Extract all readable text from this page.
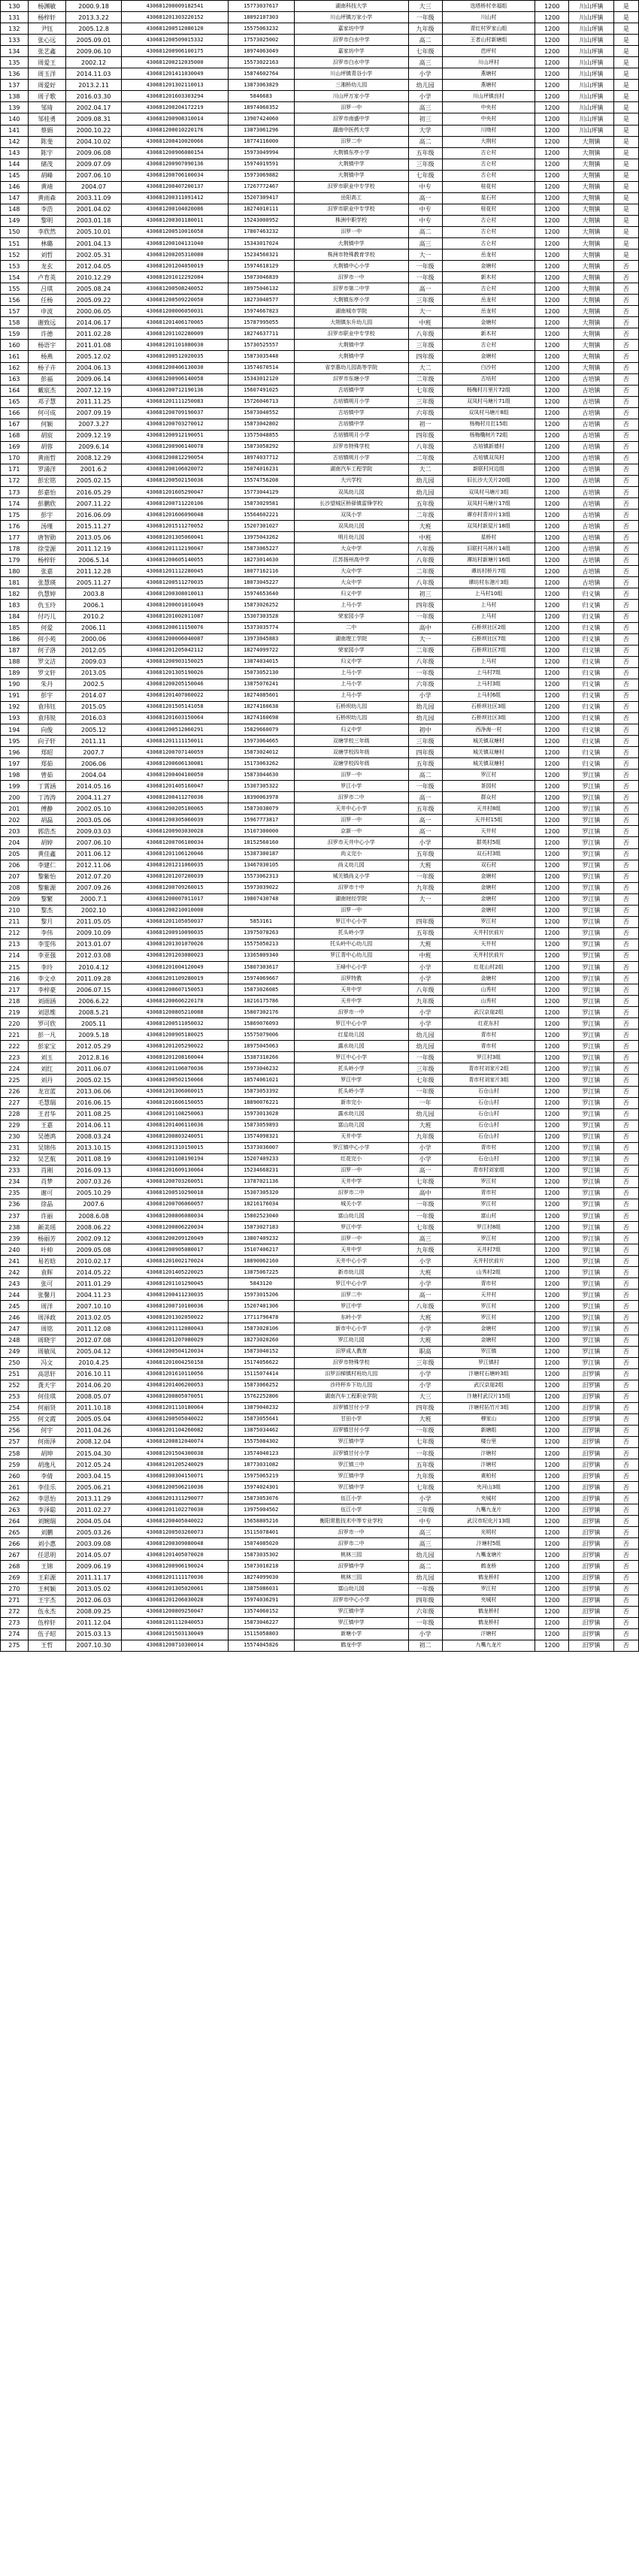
130	杨渊敏	2000.9.18	430681200009182541	15773037617	湖南科技大学	大三	迭塔桥村幸福组	1200	川山坪镇	是
131	杨梓轩	2013.3.22	430681201303220152	18092107303	川山坪镇万家小学	一年级	川山村	1200	川山坪镇	是
132	尹钰	2005.12.8	430681200512080120	15575063232	嘉家坊中学	九年级	青红村罗家山组	1200	川山坪镇	是
133	张心远	2005.09.01	430681200509015332	17573025002	汨罗市白水中学	高二	王者山村新塘组	1200	川山坪镇	是
134	张艺鑫	2009.06.10	430681200906100175	18974063049	嘉家坊中学	七年级	芭坪村	1200	川山坪镇	是
135	周爱王	2002.12	430681200212035000	15573022163	汨罗市白水中学	高三	川山坪村	1200	川山坪镇	是
136	周玉洋	2014.11.03	430681201411030049	15874602764	川山坪镇青谷小学	小学	燕塘村	1200	川山坪镇	是
137	周爱好	2013.2.11	430681201302110013	13873063829	三湘桥幼儿园	幼儿园	燕塘村	1200	川山坪镇	是
138	周子歌	2016.03.30	430681201603303294	5846683	川山坪万家小学	小学	川山坪镇良村	1200	川山坪镇	是
139	邹琦	2002.04.17	430681200204172219	18974060352	汨罗一中	高三	中央村	1200	川山坪镇	是
140	邹桂勇	2009.08.31	430681200908310014	13907424060	汨罗市南盛中学	初三	中央村	1200	川山坪镇	是
141	蔡娟	2000.10.22	430681200010220176	13873061296	湖南中医药大学	大学	川坳村	1200	川山坪镇	是
142	陈斐	2004.10.02	430681200410020066	18774116000	汨罗二中	高二	大荆村	1200	大荆镇	是
143	陈宇	2009.06.08	430681200906080154	15973049994	大荆镇东亭小学	五年级	古仑村	1200	大荆镇	是
144	储茂	2009.07.09	430681200907090136	15974019591	大荆镇中学	三年级	古仑村	1200	大荆镇	是
145	胡峰	2007.06.10	430681200706100034	15973069882	大荆镇中学	七年级	古仑村	1200	大荆镇	是
146	黄靖	2004.07	430681200407200137	17267772467	汨罗市职业中专学校	中专	桂花村	1200	大荆镇	是
147	黄雨森	2003.11.09	430681200311091412	15207309417	岳阳高工	高一	星石村	1200	大荆镇	是
148	李浩	2001.04.02	430681200104020086	18274010111	汨罗市职业中专学校	中专	桂花村	1200	大荆镇	是
149	黎明	2003.01.18	430681200301180011	15243000952	株洲中职学校	中专	古仑村	1200	大荆镇	是
150	李欣然	2005.10.01	430681200510016058	17807463232	汨罗一中	高二	古仑村	1200	大荆镇	是
151	林璐	2001.04.13	430681200104131040	15343017024	大荆镇中学	高三	古仑村	1200	大荆镇	是
152	刘哲	2002.05.31	430681200205310080	15234560321	株洲市特殊教育学校	大一	岳龙村	1200	大荆镇	是
153	龙玄	2012.04.05	430681201204050019	15974618129	大荆镇中心小学	一年级	金塘村	1200	大荆镇	否
154	卢育英	2010.12.29	430681201012292084	15073046839	汨罗市一中	一年级	新木村	1200	大荆镇	否
155	吕琪	2005.08.24	430681200508240052	18975046132	汨罗市第二中学	高一	古仑村	1200	大荆镇	否
156	任杨	2005.09.22	430681200509220050	18273040577	大荆镇东亭小学	三年级	岳龙村	1200	大荆镇	否
157	申波	2000.06.05	430681200006050031	15974667823	湖南城市学院	大一	岳龙村	1200	大荆镇	否
158	谢致远	2014.06.17	430681201406170065	15787995055	大荆镇东升幼儿园	中班	金塘村	1200	大荆镇	否
159	许德	2011.02.28	430681201102280009	18274637711	汨罗市职业中专学校	八年级	新木村	1200	大荆镇	否
160	杨语宇	2011.01.08	430681201101080030	15730525557	大荆镇中学	三年级	古仑村	1200	大荆镇	否
161	杨燕	2005.12.02	430681200512020035	15873035448	大荆镇中学	四年级	金塘村	1200	大荆镇	否
162	杨子卉	2004.06.13	430681200406130030	13574670514	省享惠幼儿园高等学院	大二	白沙村	1200	大荆镇	否
163	彭福	2009.06.14	430681200906140058	15343012120	汨罗市东塘小学	二年级	古培村	1200	古培镇	否
164	戴宸杰	2007.12.19	430681200712190136	15607491025	古培镇中学	七年级	杨梅村月里片72组	1200	古培镇	否
165	邓子慧	2011.11.25	430681201111250083	15726046713	古培镇明月小学	三年级	双凤村马塘片71组	1200	古培镇	否
166	何可成	2007.09.19	430681200709190037	15073040552	古培镇中学	六年级	双凤村马塘片8组	1200	古培镇	否
167	何颖	2007.3.27	430681200703270012	15873042802	古培镇中学	初一	杨梅村月扛15组	1200	古培镇	否
168	胡宸	2009.12.19	430681200912190051	13575048855	古培镇明月小学	四年级	杨梅椭树片72组	1200	古培镇	否
169	胡蓉	2009.6.14	430681200906140078	15873058292	汨罗市特殊学校	八年级	古培镇新墙村	1200	古培镇	否
170	黄雨哲	2008.12.29	430681200812290054	18974037712	古培镇明月小学	二年级	古培镇双凤村	1200	古培镇	否
171	罗涌洋	2001.6.2	430681200106020072	15074016231	湖南汽车工程学院	大二	新联村河边组	1200	古培镇	否
172	彭宏铭	2005.02.15	430681200502150036	15574756208	大兴学校	幼儿园	旧长沙大关片20组	1200	古培镇	否
173	彭嘉怡	2016.05.29	430681201605290047	15773044129	双凤幼儿园	幼儿园	双凤村马塘片3组	1200	古培镇	否
174	彭鹏欣	2007.11.22	430681200711220106	15873029581	长沙望城区桥驿镇雷锋学校	五年级	双凤村马塘片17组	1200	古培镇	否
175	彭宇	2016.06.09	430681201606090048	15564602221	双凤小学	二年级	谭亦村青冲片13组	1200	古培镇	否
176	汤瑾	2015.11.27	430681201511270052	15207301027	双凤幼儿园	大班	双凤村新屋片18组	1200	古培镇	否
177	唐智勋	2013.05.06	430681201305060041	13975043262	明月幼儿园	中班	星桥村	1200	古培镇	否
178	徐莹源	2011.12.19	430681201112190047	15873065227	大众中学	八年级	旧联村马林片14组	1200	古培镇	否
179	杨梓轩	2006.5.14	430681200605140055	18273014630	江苏扬州高中学	八年级	潭坊村新塘片16组	1200	古培镇	否
180	张嘉	2011.12.28	430681201112280045	18077162116	大众中学	二年级	谭坊村桥片7组	1200	古培镇	否
181	张慧瑛	2005.11.27	430681200511270035	18073045227	大众中学	八年级	谭坊村东港片3组	1200	古培镇	否
182	仇慧婷	2003.8	430681200308010013	15974653640	归义中学	初三	上马村10组	1200	归义镇	否
183	仇玉玲	2006.1	430681200601010049	15873026252	上马小学	四年级	上马村	1200	归义镇	否
184	付巧儿	2010.2	430681201002011087	15307303528	荣家园小学	一年级	上马村	1200	归义镇	否
185	何爱	2006.11	430681200611150076	15373035774	二中	高中	石桥坝社区2组	1200	归义镇	否
186	何小苑	2000.06	430681200006040087	13973045883	湖南理工学院	大一	石桥坝社区7组	1200	归义镇	否
187	何子洛	2012.05	430681201205042112	18274099722	荣家园小学	二年级	石桥坝社区7组	1200	归义镇	否
188	罗文洁	2009.03	430681200903150025	13874034015	归义中学	八年级	上马村	1200	归义镇	否
189	罗文轩	2013.05	430681201305190026	15073052130	上马小学	一年级	上马村7组	1200	归义镇	否
190	朱丹	2002.5	430681200205150046	13875076241	上马小学	六年级	上马村3组	1200	归义镇	否
191	彭宇	2014.07	430681201407060022	18274085601	上马小学	小学	上马村6组	1200	归义镇	否
192	袁玮钰	2015.05	430681201505141058	18274160638	石桥坝幼儿园	幼儿园	石桥坝社区3组	1200	归义镇	否
193	袁玮锐	2016.03	430681201603150064	18274160698	石桥坝幼儿园	幼儿园	石桥坝社区3组	1200	归义镇	否
194	向俊	2005.12	430681200512060291	15829660079	归义中学	初中	西净海一村	1200	归义镇	否
195	向子轩	2011.11	430681201111150011	15973064665	双塘学校三年级	三年级	城关镇双塘村	1200	归义镇	否
196	郑昭	2007.7	430681200707140059	15873024012	双塘学校四年级	四年级	城关镇双塘村	1200	归义镇	否
197	郑茹	2006.06	430681200606130081	15173063262	双塘学校四年级	五年级	城关镇双塘村	1200	归义镇	否
198	曾茹	2004.04	430681200404100050	15873044630	汨罗一中	高二	罗江村	1200	罗江镇	否
199	丁霄涵	2014.05.16	430681201405160047	15307305322	罗江小学	一年级	茶园村	1200	罗江镇	否
200	丁涛涛	2004.11.27	430681200411270036	18390063978	汨罗市二中	高一	群众村	1200	罗江镇	否
201	傅静	2002.05.10	430681200205100065	15873038079	天井中心小学	五年级	天井村8组	1200	罗江镇	否
202	胡磊	2003.05.06	430681200305060039	15967773817	汨罗一中	高一	天井村15组	1200	罗江镇	否
203	郭浩杰	2009.03.03	430681200903030028	15107300000	京新一中	高一	天井村	1200	罗江镇	否
204	胡婷	2007.06.10	430681200706100034	18152560160	汨罗市天井中心小学	小学	群英村5组	1200	罗江镇	否
205	黄佳鑫	2011.06.12	430681201106120046	15387300187	尚义完小	五年级	双石村3组	1200	罗江镇	否
206	李建仁	2012.11.06	430681201211060035	13467030105	尚义幼儿园	大班	双石村	1200	罗江镇	否
207	黎紫怡	2012.07.20	430681201207200039	15573062313	城关镇尚义小学	一年级	金塘村	1200	罗江镇	否
208	黎紫源	2007.09.26	430681200709260015	15973039022	汨罗市十中	九年级	金塘村	1200	罗江镇	否
209	黎繁	2000.7.1	430681200007011017	19807430748	湖南财经学院	大一	金塘村	1200	罗江镇	否
210	黎杰	2002.10	430681200210010000		汨罗一中		金塘村	1200	罗江镇	否
211	黎月	2011.05.05	430681201105050037	5853161	罗江中心小学	四年级	罗江村	1200	罗江镇	否
212	李伟	2009.10.09	430681200910090035	13975078263	托头岭小学	五年级	天井村伏前片	1200	罗江镇	否
213	李雯伟	2013.01.07	430681201301070026	15575050213	托头岭中心幼儿园	大班	天井村	1200	罗江镇	否
214	李亚强	2012.03.08	430681201203080023	13365809340	罗江青中心幼儿园	中班	天井村伏前片	1200	罗江镇	否
215	李玲	2010.4.12	430681201004120049	15807303617	王峰中心小学	小学	红花山村2组	1200	罗江镇	否
216	李文卓	2011.09.28	430681201109280019	15974069667	汨罗特教	小学	金塘村	1200	罗江镇	否
217	李梓豪	2006.07.15	430681200607150053	15873026085	天井中学	八年级	山秀村	1200	罗江镇	否
218	刘雨涵	2006.6.22	430681200606220178	18216175786	天井中学	九年级	山秀村	1200	罗江镇	否
219	刘思维	2008.5.21	430681200805210088	15807302176	汨罗市一中	小学	武汉京崖2组	1200	罗江镇	否
220	罗可欣	2005.11	430681200511050032	15869076093	罗江中心小学	小学	红花东村	1200	罗江镇	否
221	彭一凡	2009.5.18	430681200905180025	15575079006	红星幼儿园	幼儿园	青市村	1200	罗江镇	否
222	彭家宝	2012.05.29	430681201205290022	18975045063	露水幼儿园	幼儿园	青市村	1200	罗江镇	否
223	刘玉	2012.8.16	430681201208160044	15387310266	罗江中心小学	一年级	罗江村3组	1200	罗江镇	否
224	刘红	2011.06.07	430681201106070036	15973046232	托头岭小学	三年级	青市村刘家片2组	1200	罗江镇	否
225	刘丹	2005.02.15	430681200502150066	18574061021	罗江中学	七年级	青市村刘家片3组	1200	罗江镇	否
226	龙宣蓝	2013.06.06	430681201306060015	15873053392	托头岭小学	一年级	石仓山村	1200	罗江镇	否
227	毛慧瑞	2016.06.15	430681201606150055	18890076221	新市完小	一年	石仓山村	1200	罗江镇	否
228	王君华	2011.08.25	430681201108250063	15973013028	露水幼儿园	幼儿园	石仓山村	1200	罗江镇	否
229	王嘉	2014.06.11	430681201406110036	15873059893	富山幼儿园	大班	石仓山村	1200	罗江镇	否
230	吴德鸿	2008.03.24	430681200803240051	13574098321	天井中学	九年级	石仓山村	1200	罗江镇	否
231	吴锦伟	2013.10.15	430681201310150015	15373036007	罗江镇中心小学	小学	青市村	1200	罗江镇	否
232	吴艺航	2011.08.19	430681201108190194	15207409233	红花完小	小学	石仓山村	1200	罗江镇	否
233	肖刚	2016.09.13	430681201609130064	15234668231	汨罗一中	高一	青市村刘家组	1200	罗江镇	否
234	肖梦	2007.03.26	430681200703260051	13787021136	天井中学	七年级	罗江村	1200	罗江镇	否
235	谢可	2005.10.29	430681200510290018	15307305320	汨罗市二中	高中	青市村	1200	罗江镇	否
236	徐晶	2007.6	430681200706060057	18216176034	城关小学	一年级	罗江村	1200	罗江镇	否
237	许丽	2008.6.08	430681200806080034	15802523040	富山幼儿园	一年级	富山村	1200	罗江镇	否
238	颜美瑶	2008.06.22	430681200806220034	15873027183	罗江中学	七年级	罗江村8组	1200	罗江镇	否
239	杨丽芳	2002.09.12	430681200209120049	13807409232	汨罗一中	高三	罗江村	1200	罗江镇	否
240	叶帅	2009.05.08	430681200905080017	15107406217	天井中学	九年级	天井村7组	1200	罗江镇	否
241	易若晗	2010.02.17	430681201002170024	18890062160	天井中心小学	小学	天井村伏前片	1200	罗江镇	否
242	袁晖	2014.05.22	430681201405220025	13875067225	新市幼儿园	大班	山秀村2组	1200	罗江镇	否
243	张可	2011.01.29	430681201101290045	5843120	罗江中心小学	小学	青市村	1200	罗江镇	否
244	张馨月	2004.11.23	430681200411230035	15973015206	汨罗二中	高一	天井村	1200	罗江镇	否
245	周洋	2007.10.10	430681200710100036	15207401306	罗江中学	八年级	罗江村	1200	罗江镇	否
246	周泽政	2013.02.05	430681201302050022	17711796478	东岭小学	大班	罗江村	1200	罗江镇	否
247	周铭	2011.12.08	430681201112080043	15873028106	新市中心小学	小学	金塘村	1200	罗江镇	否
248	周晓宇	2012.07.08	430681201207080029	18273020260	罗江幼儿园	大班	金塘村	1200	罗江镇	否
249	周敏凤	2005.04.12	430681200504120034	15873040152	汨罗成人教育	职高	罗江镇	1200	罗江镇	否
250	冯文	2010.4.25	430681201004250158	15174056622	汨罗市特殊学校	三年级	罗江镇村	1200	罗江镇	否
251	高思轩	2016.10.11	430681201610110056	15115074414	汨罗汨梯镇村班幼儿园	小学	汴塘村石塘岭3组	1200	汨罗镇	否
252	龚天宇	2014.06.20	430681201406200053	15873066252	沙玲杯乡下幼儿园	小学	武汉京崖2组	1200	汨罗镇	否
253	何佳琪	2008.05.07	430681200805070051	15762252806	湖南汽车工程职业学院	大三	汴塘村武汉片15组	1200	汨罗镇	否
254	何丽贤	2011.10.18	430681201110180064	13879040232	汨罗镇甘付小学	四年级	汴塘村拓竹片3组	1200	汨罗镇	否
255	何文霞	2005.05.04	430681200505040022	15873055641	甘田小学	大班	穆家山	1200	汨罗镇	否
256	何宇	2011.04.26	430681201104260082	13875034462	汨罗镇甘付小学	一年级	新塘组	1200	汨罗镇	否
257	何雨泽	2008.12.04	430681200812040074	15575084302	罗江镇中学	七年级	楼台里	1200	汨罗镇	否
258	胡坤	2015.04.30	430681201504300038	13574040123	汨罗镇甘付小学	一年级	汴塘村	1200	汨罗镇	否
259	胡逸凡	2012.05.24	430681201205240029	18773031082	罗江镇三中	五年级	汴塘村	1200	汨罗镇	否
260	李倩	2003.04.15	430681200304150071	15975065219	罗江镇中学	九年级	黄柏村	1200	汨罗镇	否
261	李佳乐	2005.06.21	430681200506210036	15974024301	罗江镇中学	七年级	夹河山3组	1200	汨罗镇	否
262	李思怡	2013.11.29	430681201311290077	15873053076	伍江小学	小学	夹城村	1200	汨罗镇	否
263	李泽聪	2011.02.27	430681201102270030	13975004562	伍江小学	三年级	九嘴九龙片	1200	汨罗镇	否
264	刘婉瑞	2004.05.04	430681200405040022	15658805216	衡阳常胜技术中等专业学校	中专	武汉市纪化片13组	1200	汨罗镇	否
265	刘鹏	2005.03.26	430681200503260073	15115078401	汨罗市一中	高三	光明村	1200	汨罗镇	否
266	刘小惠	2003.09.08	430681200309080048	15074085020	汨罗市二中	高三	汴塘村5组	1200	汨罗镇	否
267	任思明	2014.05.07	430681201405070020	15873035302	桃林三园	幼儿园	九嘴龙塘片	1200	汨罗镇	否
268	王锦	2009.06.19	430681200906190024	15073010218	汨罗镇中学	高二	鹤龙桥	1200	汨罗镇	否
269	王彩源	2011.11.17	430681201111170036	18274099030	桃林三园	幼儿园	鹤龙桥村	1200	汨罗镇	否
270	王柯颖	2013.05.02	430681201305020061	13875086031	富山幼儿园	一年级	罗江村	1200	汨罗镇	否
271	王宇杰	2012.06.03	430681201206030028	15974036291	汨罗市中心小学	四年级	夹城村	1200	汨罗镇	否
272	伍永杰	2008.09.25	430681200809250047	13574060152	罗江镇中学	六年级	鹤龙桥村	1200	汨罗镇	否
273	伍梓轩	2011.12.04	430681201112040053	15873046227	罗江镇中学	一年级	鹤龙桥村	1200	汨罗镇	否
274	伍子昭	2015.03.13	430681201503130049	15115058803	新塘小学	小学	汴塘村	1200	汨罗镇	否
275	王哲	2007.10.30	430681200710300014	15574045826	鹤龙中学	初二	九嘴九龙片	1200	汨罗镇	否
